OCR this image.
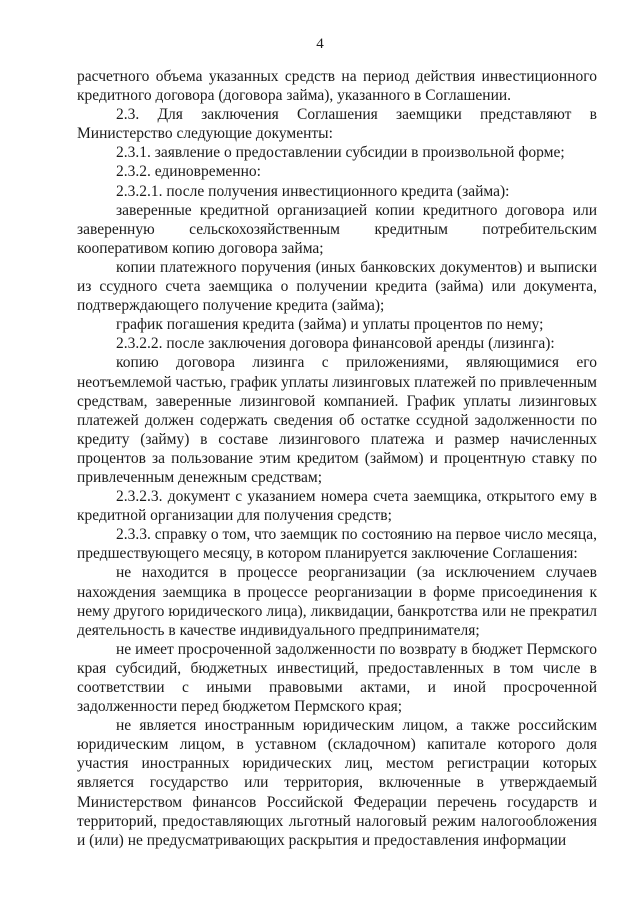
4

расчетного объема указанных средств на период действия инвестиционного кредитного договора (договора займа), указанного в Соглашении.

2.3. Для заключения Соглашения заемщики представляют в Министерство следующие документы:

2.3.1. заявление о предоставлении субсидии в произвольной форме;

2.3.2. единовременно:

2.3.2.1. после получения инвестиционного кредита (займа):

заверенные кредитной организацией копии кредитного договора или заверенную сельскохозяйственным кредитным потребительским кооперативом копию договора займа;

копии платежного поручения (иных банковских документов) и выписки из ссудного счета заемщика о получении кредита (займа) или документа, подтверждающего получение кредита (займа);

график погашения кредита (займа) и уплаты процентов по нему;

2.3.2.2. после заключения договора финансовой аренды (лизинга):

копию договора лизинга с приложениями, являющимися его неотъемлемой частью, график уплаты лизинговых платежей по привлеченным средствам, заверенные лизинговой компанией. График уплаты лизинговых платежей должен содержать сведения об остатке ссудной задолженности по кредиту (займу) в составе лизингового платежа и размер начисленных процентов за пользование этим кредитом (займом) и процентную ставку по привлеченным денежным средствам;

2.3.2.3. документ с указанием номера счета заемщика, открытого ему в кредитной организации для получения средств;

2.3.3. справку о том, что заемщик по состоянию на первое число месяца, предшествующего месяцу, в котором планируется заключение Соглашения:

не находится в процессе реорганизации (за исключением случаев нахождения заемщика в процессе реорганизации в форме присоединения к нему другого юридического лица), ликвидации, банкротства или не прекратил деятельность в качестве индивидуального предпринимателя;

не имеет просроченной задолженности по возврату в бюджет Пермского края субсидий, бюджетных инвестиций, предоставленных в том числе в соответствии с иными правовыми актами, и иной просроченной задолженности перед бюджетом Пермского края;

не является иностранным юридическим лицом, а также российским юридическим лицом, в уставном (складочном) капитале которого доля участия иностранных юридических лиц, местом регистрации которых является государство или территория, включенные в утверждаемый Министерством финансов Российской Федерации перечень государств и территорий, предоставляющих льготный налоговый режим налогообложения и (или) не предусматривающих раскрытия и предоставления информации
